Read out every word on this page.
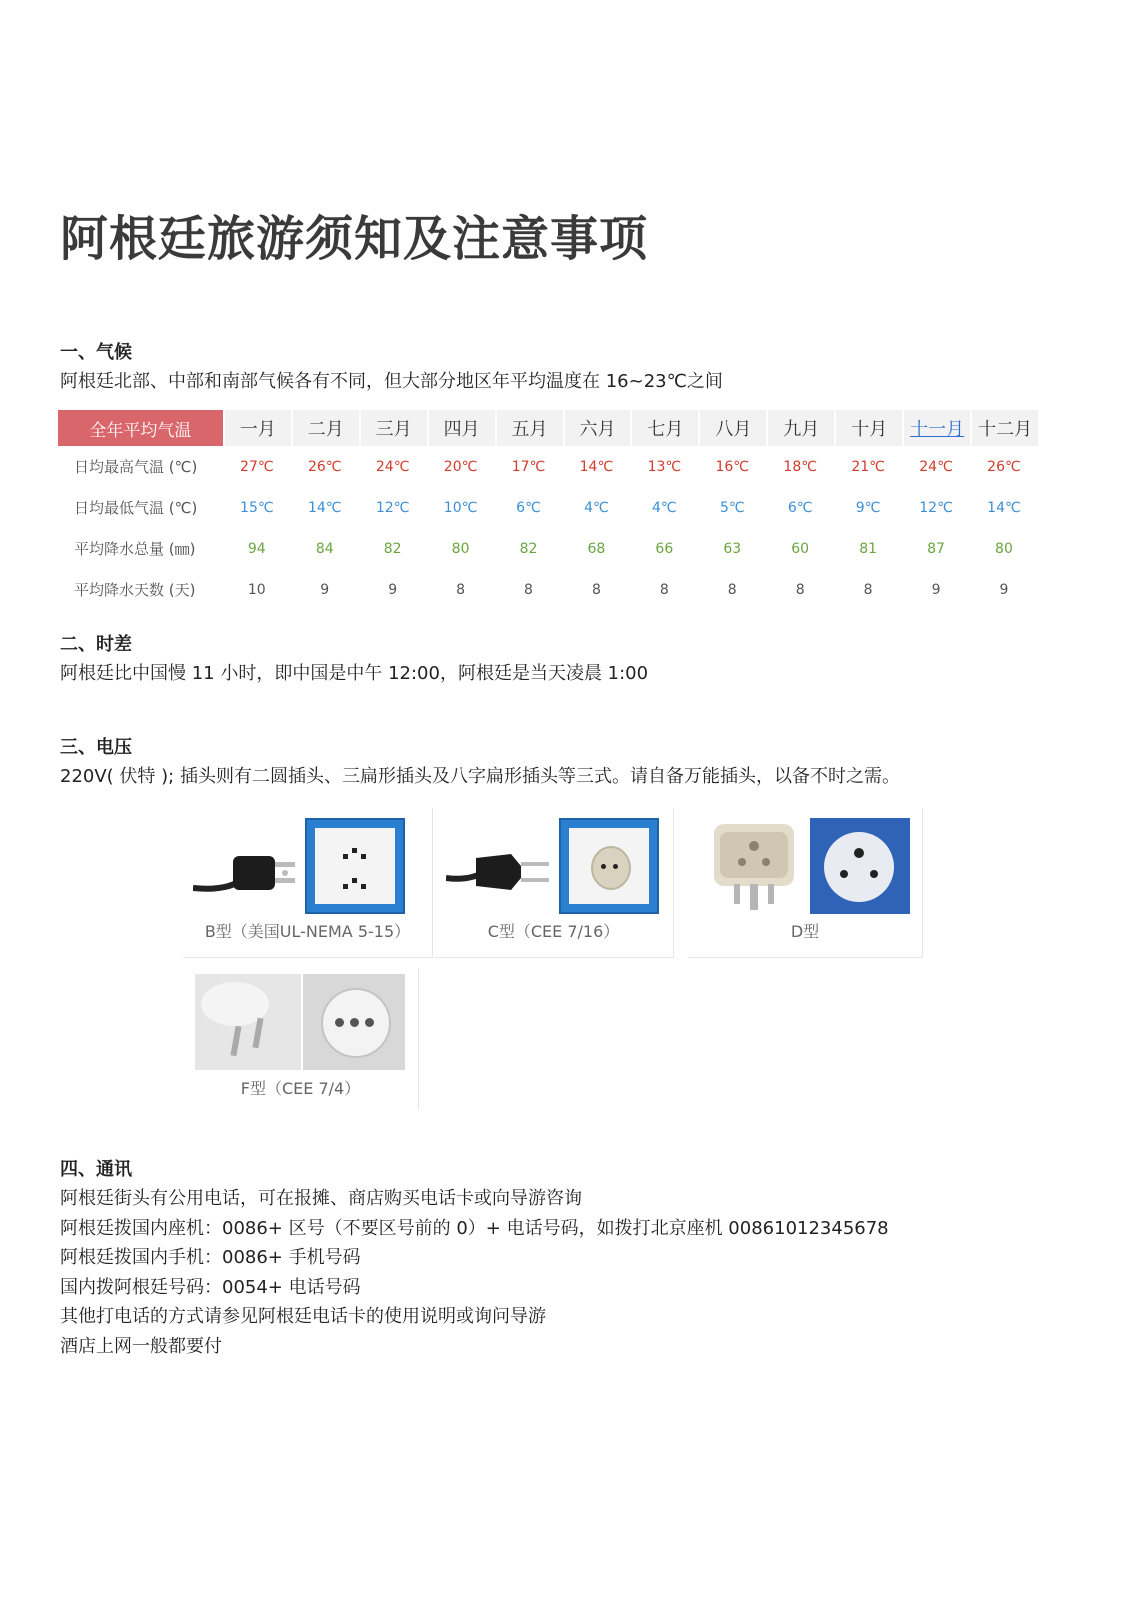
阿根廷旅游须知及注意事项
一、气候
阿根廷北部、中部和南部气候各有不同，但大部分地区年平均温度在 16~23℃之间
全年平均气温	一月	二月	三月	四月	五月	六月	七月	八月	九月	十月	十一月 十二月
日均最高气温 (℃)	27℃	26℃	24℃	20℃	17℃	14℃	13℃	16℃	18℃	21℃	24℃	26℃
日均最低气温 (℃)	15℃	14℃	12℃	10℃	6℃	4℃	4℃	5℃	6℃	9℃	12℃	14℃
平均降水总量 (㎜)	94	84	82	80	82	68	66	63	60	81	87	80
平均降水天数 (天)	10	9	9	8	8	8	8	8	8	8	9	9
二、时差
阿根廷比中国慢 11 小时，即中国是中午 12:00，阿根廷是当天凌晨 1:00
三、电压
220V( 伏特 ); 插头则有二圆插头、三扁形插头及八字扁形插头等三式。请自备万能插头，以备不时之需。
B型（美国UL-NEMA 5-15）	C型（CEE 7/16）	D型
F型（CEE 7/4）
四、通讯
阿根廷街头有公用电话，可在报摊、商店购买电话卡或向导游咨询
阿根廷拨国内座机：0086+ 区号（不要区号前的 0）+ 电话号码，如拨打北京座机 00861012345678
阿根廷拨国内手机：0086+ 手机号码
国内拨阿根廷号码：0054+ 电话号码
其他打电话的方式请参见阿根廷电话卡的使用说明或询问导游
酒店上网一般都要付
